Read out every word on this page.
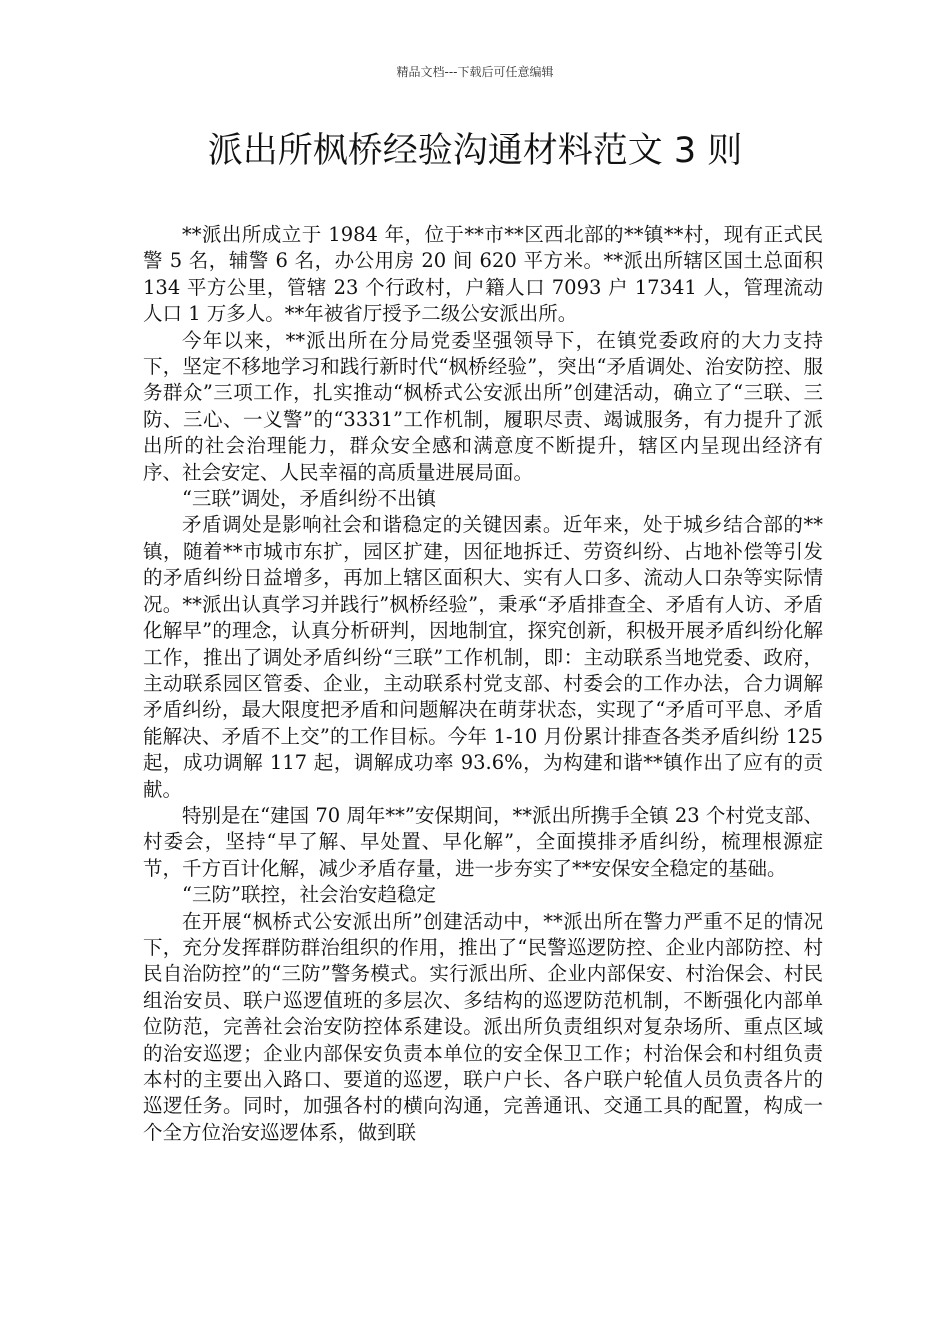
精品文档---下载后可任意编辑
派出所枫桥经验沟通材料范文 3 则

**派出所成立于 1984 年，位于**市**区西北部的**镇**村，现有正式民警 5 名，辅警 6 名，办公用房 20 间 620 平方米。**派出所辖区国土总面积 134 平方公里，管辖 23 个行政村，户籍人口 7093 户 17341 人，管理流动人口 1 万多人。**年被省厅授予二级公安派出所。

今年以来，**派出所在分局党委坚强领导下，在镇党委政府的大力支持下，坚定不移地学习和践行新时代“枫桥经验”，突出“矛盾调处、治安防控、服务群众”三项工作，扎实推动“枫桥式公安派出所”创建活动，确立了“三联、三防、三心、一义警”的“3331”工作机制，履职尽责、竭诚服务，有力提升了派出所的社会治理能力，群众安全感和满意度不断提升，辖区内呈现出经济有序、社会安定、人民幸福的高质量进展局面。

“三联”调处，矛盾纠纷不出镇

矛盾调处是影响社会和谐稳定的关键因素。近年来，处于城乡结合部的**镇，随着**市城市东扩，园区扩建，因征地拆迁、劳资纠纷、占地补偿等引发的矛盾纠纷日益增多，再加上辖区面积大、实有人口多、流动人口杂等实际情况。**派出认真学习并践行”枫桥经验”，秉承“矛盾排查全、矛盾有人访、矛盾化解早”的理念，认真分析研判，因地制宜，探究创新，积极开展矛盾纠纷化解工作，推出了调处矛盾纠纷“三联”工作机制，即：主动联系当地党委、政府，主动联系园区管委、企业，主动联系村党支部、村委会的工作办法，合力调解矛盾纠纷，最大限度把矛盾和问题解决在萌芽状态，实现了“矛盾可平息、矛盾能解决、矛盾不上交”的工作目标。今年 1-10 月份累计排查各类矛盾纠纷 125 起，成功调解 117 起，调解成功率 93.6%，为构建和谐**镇作出了应有的贡献。

特别是在“建国 70 周年**”安保期间，**派出所携手全镇 23 个村党支部、村委会，坚持“早了解、早处置、早化解”，全面摸排矛盾纠纷，梳理根源症节，千方百计化解，减少矛盾存量，进一步夯实了**安保安全稳定的基础。

“三防”联控，社会治安趋稳定

在开展“枫桥式公安派出所”创建活动中，**派出所在警力严重不足的情况下，充分发挥群防群治组织的作用，推出了“民警巡逻防控、企业内部防控、村民自治防控”的“三防”警务模式。实行派出所、企业内部保安、村治保会、村民组治安员、联户巡逻值班的多层次、多结构的巡逻防范机制，不断强化内部单位防范，完善社会治安防控体系建设。派出所负责组织对复杂场所、重点区域的治安巡逻；企业内部保安负责本单位的安全保卫工作；村治保会和村组负责本村的主要出入路口、要道的巡逻，联户户长、各户联户轮值人员负责各片的巡逻任务。同时，加强各村的横向沟通，完善通讯、交通工具的配置，构成一个全方位治安巡逻体系，做到联
